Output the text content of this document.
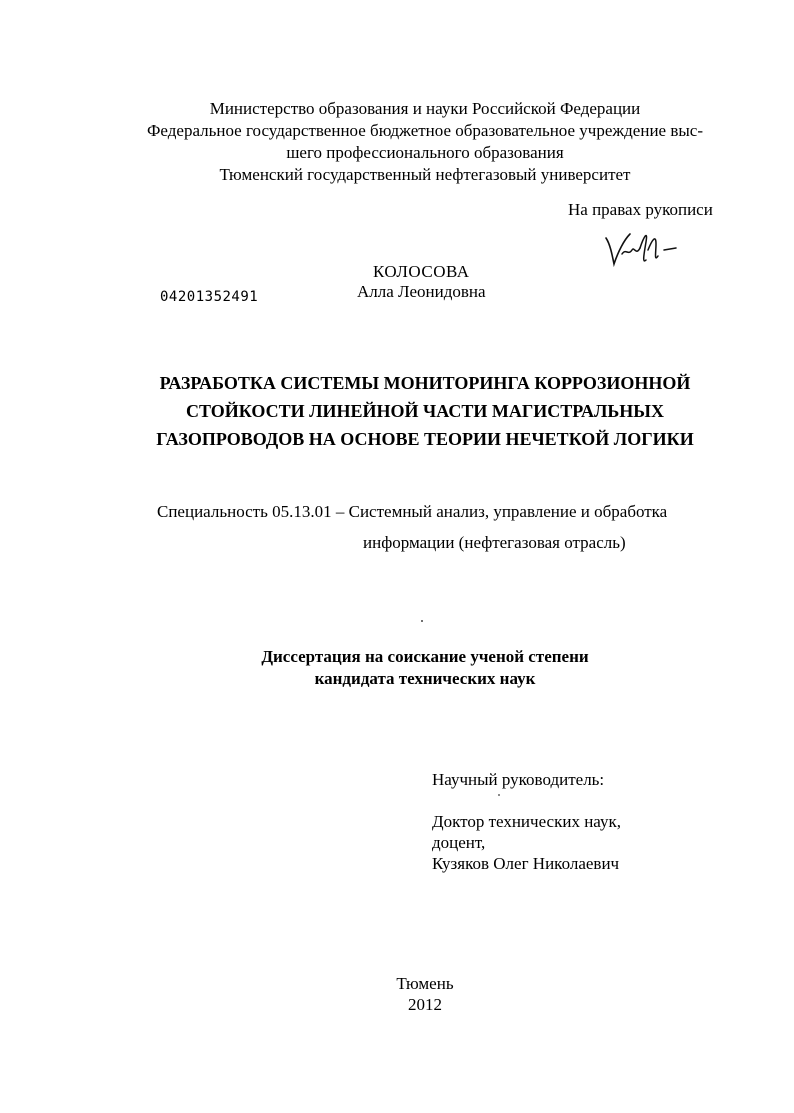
Министерство образования и науки Российской Федерации
Федеральное государственное бюджетное образовательное учреждение выс-
шего профессионального образования
Тюменский государственный нефтегазовый университет
На правах рукописи
КОЛОСОВА
Алла Леонидовна
04201352491
РАЗРАБОТКА СИСТЕМЫ МОНИТОРИНГА КОРРОЗИОННОЙ
СТОЙКОСТИ ЛИНЕЙНОЙ ЧАСТИ МАГИСТРАЛЬНЫХ
ГАЗОПРОВОДОВ НА ОСНОВЕ ТЕОРИИ НЕЧЕТКОЙ ЛОГИКИ
Специальность 05.13.01 – Системный анализ, управление и обработка
информации (нефтегазовая отрасль)
Диссертация на соискание ученой степени
кандидата технических наук
Научный руководитель:
Доктор технических наук,
доцент,
Кузяков Олег Николаевич
Тюмень
2012
